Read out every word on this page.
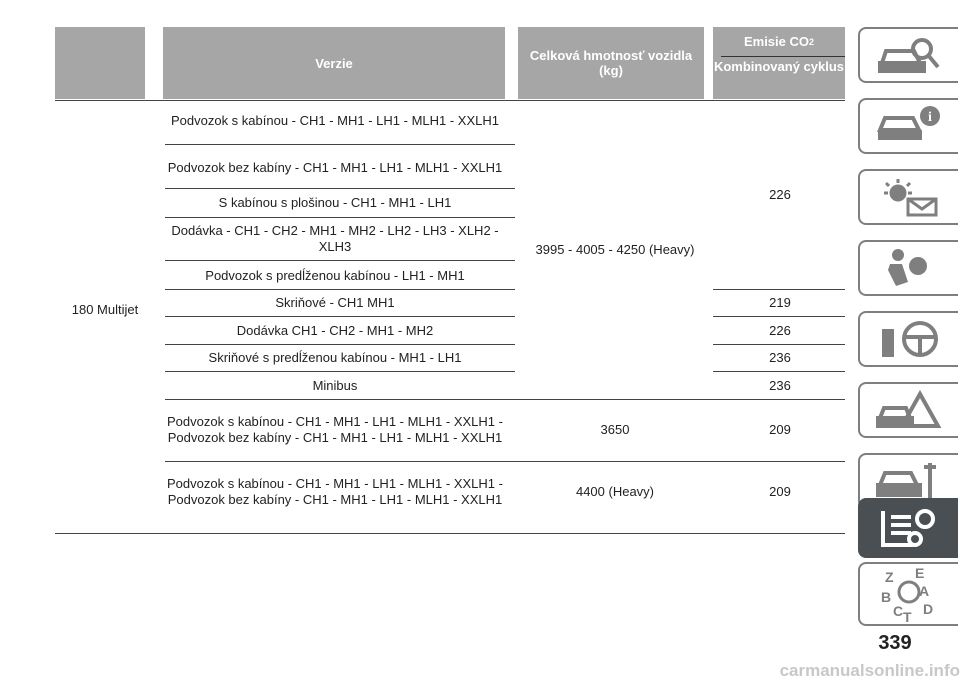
Verzie	Celková hmotnosť vozidla (kg)
Emisie CO 2
Kombinovaný cyklus
180 Multijet
Podvozok s kabínou - CH1 - MH1 - LH1 - MLH1 - XXLH1
Podvozok bez kabíny - CH1 - MH1 - LH1 - MLH1 - XXLH1
S kabínou s plošinou - CH1 - MH1 - LH1
Dodávka - CH1 - CH2 - MH1 - MH2 - LH2 - LH3 - XLH2 - XLH3
Podvozok s predĺženou kabínou - LH1 - MH1
Skriňové - CH1 MH1
Dodávka CH1 - CH2 - MH1 - MH2
Skriňové s predĺženou kabínou - MH1 - LH1
Minibus
Podvozok s kabínou - CH1 - MH1 - LH1 - MLH1 - XXLH1 - Podvozok bez kabíny - CH1 - MH1 - LH1 - MLH1 - XXLH1
Podvozok s kabínou - CH1 - MH1 - LH1 - MLH1 - XXLH1 - Podvozok bez kabíny - CH1 - MH1 - LH1 - MLH1 - XXLH1
3995 - 4005 - 4250 (Heavy)
3650
4400 (Heavy)
226
219
226
236
236
209
209
i
Z E
B A
C D
T
339
carmanualsonline.info
